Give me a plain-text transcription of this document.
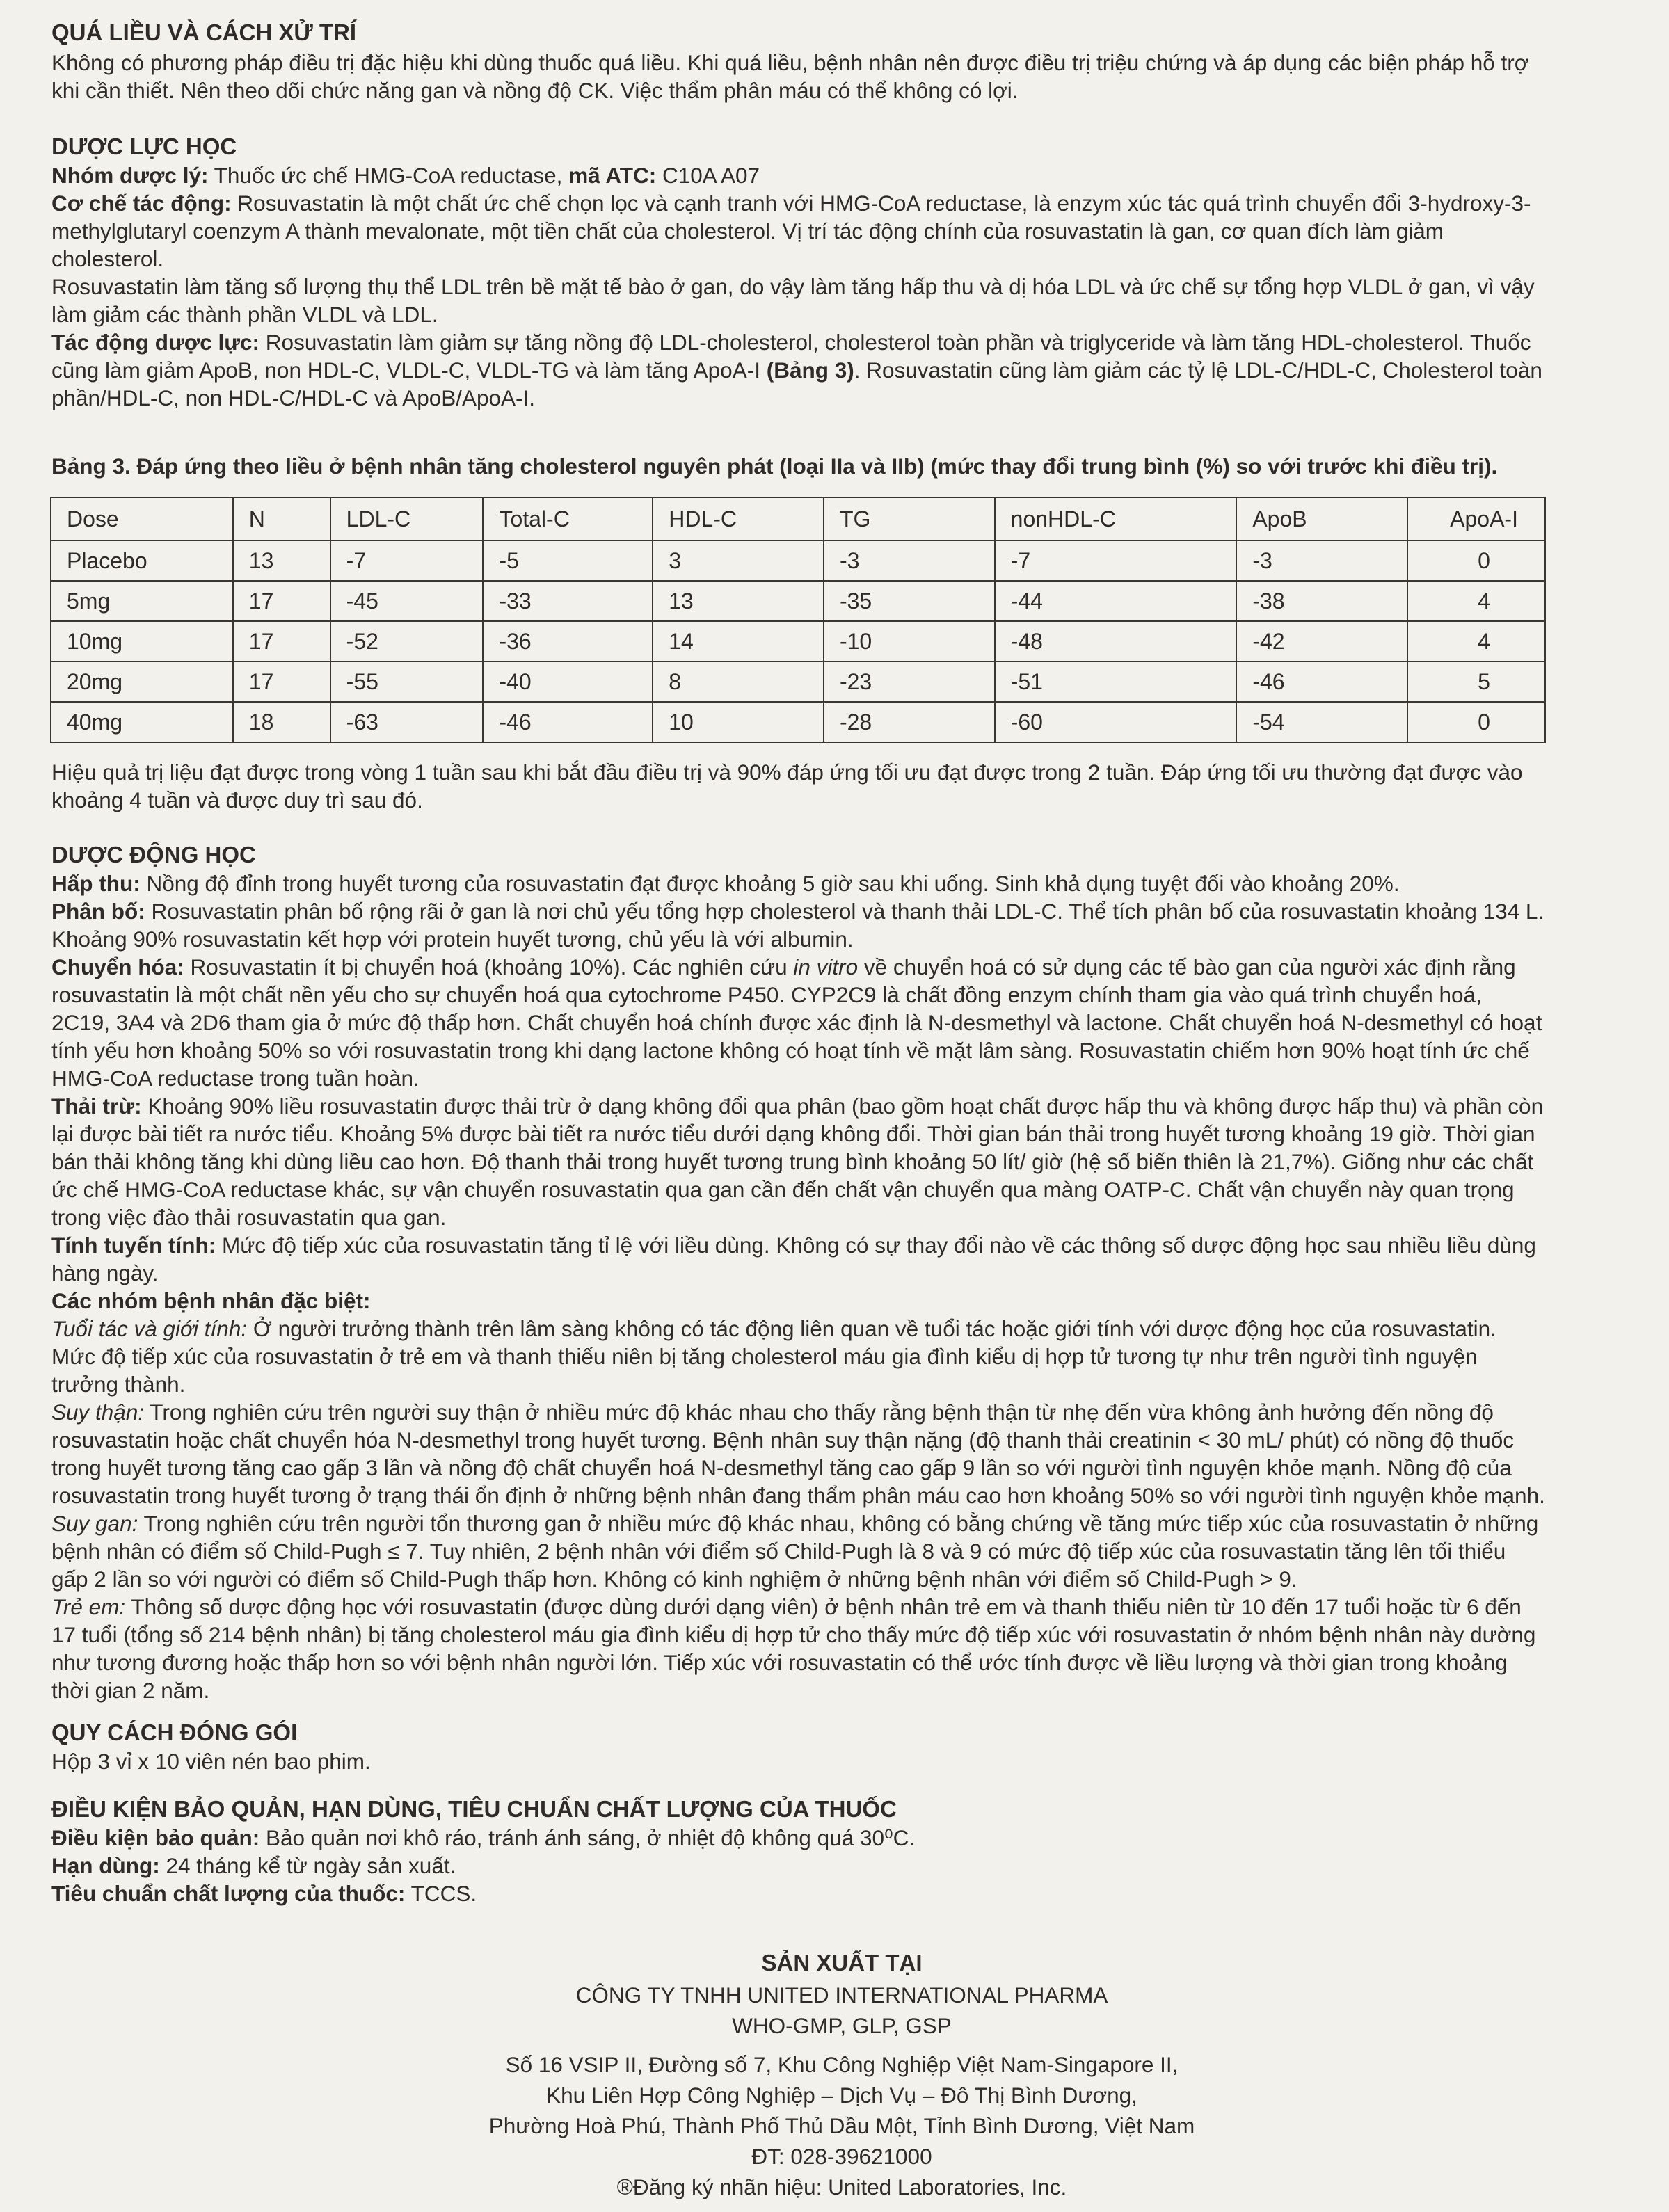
QUÁ LIỀU VÀ CÁCH XỬ TRÍ

Không có phương pháp điều trị đặc hiệu khi dùng thuốc quá liều. Khi quá liều, bệnh nhân nên được điều trị triệu chứng và áp dụng các biện pháp hỗ trợ khi cần thiết. Nên theo dõi chức năng gan và nồng độ CK. Việc thẩm phân máu có thể không có lợi.

DƯỢC LỰC HỌC

Nhóm dược lý: Thuốc ức chế HMG-CoA reductase, mã ATC: C10A A07

Cơ chế tác động: Rosuvastatin là một chất ức chế chọn lọc và cạnh tranh với HMG-CoA reductase, là enzym xúc tác quá trình chuyển đổi 3-hydroxy-3-methylglutaryl coenzym A thành mevalonate, một tiền chất của cholesterol. Vị trí tác động chính của rosuvastatin là gan, cơ quan đích làm giảm cholesterol.

Rosuvastatin làm tăng số lượng thụ thể LDL trên bề mặt tế bào ở gan, do vậy làm tăng hấp thu và dị hóa LDL và ức chế sự tổng hợp VLDL ở gan, vì vậy làm giảm các thành phần VLDL và LDL.

Tác động dược lực: Rosuvastatin làm giảm sự tăng nồng độ LDL-cholesterol, cholesterol toàn phần và triglyceride và làm tăng HDL-cholesterol. Thuốc cũng làm giảm ApoB, non HDL-C, VLDL-C, VLDL-TG và làm tăng ApoA-I (Bảng 3). Rosuvastatin cũng làm giảm các tỷ lệ LDL-C/HDL-C, Cholesterol toàn phần/HDL-C, non HDL-C/HDL-C và ApoB/ApoA-I.

Bảng 3. Đáp ứng theo liều ở bệnh nhân tăng cholesterol nguyên phát (loại IIa và IIb) (mức thay đổi trung bình (%) so với trước khi điều trị).

Dose	N	LDL-C	Total-C	HDL-C	TG	nonHDL-C	ApoB	ApoA-I
Placebo	13	-7	-5	3	-3	-7	-3	0
5mg	17	-45	-33	13	-35	-44	-38	4
10mg	17	-52	-36	14	-10	-48	-42	4
20mg	17	-55	-40	8	-23	-51	-46	5
40mg	18	-63	-46	10	-28	-60	-54	0

Hiệu quả trị liệu đạt được trong vòng 1 tuần sau khi bắt đầu điều trị và 90% đáp ứng tối ưu đạt được trong 2 tuần. Đáp ứng tối ưu thường đạt được vào khoảng 4 tuần và được duy trì sau đó.

DƯỢC ĐỘNG HỌC

Hấp thu: Nồng độ đỉnh trong huyết tương của rosuvastatin đạt được khoảng 5 giờ sau khi uống. Sinh khả dụng tuyệt đối vào khoảng 20%.

Phân bố: Rosuvastatin phân bố rộng rãi ở gan là nơi chủ yếu tổng hợp cholesterol và thanh thải LDL-C. Thể tích phân bố của rosuvastatin khoảng 134 L. Khoảng 90% rosuvastatin kết hợp với protein huyết tương, chủ yếu là với albumin.

Chuyển hóa: Rosuvastatin ít bị chuyển hoá (khoảng 10%). Các nghiên cứu in vitro về chuyển hoá có sử dụng các tế bào gan của người xác định rằng rosuvastatin là một chất nền yếu cho sự chuyển hoá qua cytochrome P450. CYP2C9 là chất đồng enzym chính tham gia vào quá trình chuyển hoá, 2C19, 3A4 và 2D6 tham gia ở mức độ thấp hơn. Chất chuyển hoá chính được xác định là N-desmethyl và lactone. Chất chuyển hoá N-desmethyl có hoạt tính yếu hơn khoảng 50% so với rosuvastatin trong khi dạng lactone không có hoạt tính về mặt lâm sàng. Rosuvastatin chiếm hơn 90% hoạt tính ức chế HMG-CoA reductase trong tuần hoàn.

Thải trừ: Khoảng 90% liều rosuvastatin được thải trừ ở dạng không đổi qua phân (bao gồm hoạt chất được hấp thu và không được hấp thu) và phần còn lại được bài tiết ra nước tiểu. Khoảng 5% được bài tiết ra nước tiểu dưới dạng không đổi. Thời gian bán thải trong huyết tương khoảng 19 giờ. Thời gian bán thải không tăng khi dùng liều cao hơn. Độ thanh thải trong huyết tương trung bình khoảng 50 lít/ giờ (hệ số biến thiên là 21,7%). Giống như các chất ức chế HMG-CoA reductase khác, sự vận chuyển rosuvastatin qua gan cần đến chất vận chuyển qua màng OATP-C. Chất vận chuyển này quan trọng trong việc đào thải rosuvastatin qua gan.

Tính tuyến tính: Mức độ tiếp xúc của rosuvastatin tăng tỉ lệ với liều dùng. Không có sự thay đổi nào về các thông số dược động học sau nhiều liều dùng hàng ngày.

Các nhóm bệnh nhân đặc biệt:

Tuổi tác và giới tính: Ở người trưởng thành trên lâm sàng không có tác động liên quan về tuổi tác hoặc giới tính với dược động học của rosuvastatin. Mức độ tiếp xúc của rosuvastatin ở trẻ em và thanh thiếu niên bị tăng cholesterol máu gia đình kiểu dị hợp tử tương tự như trên người tình nguyện trưởng thành.

Suy thận: Trong nghiên cứu trên người suy thận ở nhiều mức độ khác nhau cho thấy rằng bệnh thận từ nhẹ đến vừa không ảnh hưởng đến nồng độ rosuvastatin hoặc chất chuyển hóa N-desmethyl trong huyết tương. Bệnh nhân suy thận nặng (độ thanh thải creatinin < 30 mL/ phút) có nồng độ thuốc trong huyết tương tăng cao gấp 3 lần và nồng độ chất chuyển hoá N-desmethyl tăng cao gấp 9 lần so với người tình nguyện khỏe mạnh. Nồng độ của rosuvastatin trong huyết tương ở trạng thái ổn định ở những bệnh nhân đang thẩm phân máu cao hơn khoảng 50% so với người tình nguyện khỏe mạnh.

Suy gan: Trong nghiên cứu trên người tổn thương gan ở nhiều mức độ khác nhau, không có bằng chứng về tăng mức tiếp xúc của rosuvastatin ở những bệnh nhân có điểm số Child-Pugh ≤ 7. Tuy nhiên, 2 bệnh nhân với điểm số Child-Pugh là 8 và 9 có mức độ tiếp xúc của rosuvastatin tăng lên tối thiểu gấp 2 lần so với người có điểm số Child-Pugh thấp hơn. Không có kinh nghiệm ở những bệnh nhân với điểm số Child-Pugh > 9.

Trẻ em: Thông số dược động học với rosuvastatin (được dùng dưới dạng viên) ở bệnh nhân trẻ em và thanh thiếu niên từ 10 đến 17 tuổi hoặc từ 6 đến 17 tuổi (tổng số 214 bệnh nhân) bị tăng cholesterol máu gia đình kiểu dị hợp tử cho thấy mức độ tiếp xúc với rosuvastatin ở nhóm bệnh nhân này dường như tương đương hoặc thấp hơn so với bệnh nhân người lớn. Tiếp xúc với rosuvastatin có thể ước tính được về liều lượng và thời gian trong khoảng thời gian 2 năm.

QUY CÁCH ĐÓNG GÓI

Hộp 3 vỉ x 10 viên nén bao phim.

ĐIỀU KIỆN BẢO QUẢN, HẠN DÙNG, TIÊU CHUẨN CHẤT LƯỢNG CỦA THUỐC

Điều kiện bảo quản: Bảo quản nơi khô ráo, tránh ánh sáng, ở nhiệt độ không quá 30⁰C.

Hạn dùng: 24 tháng kể từ ngày sản xuất.

Tiêu chuẩn chất lượng của thuốc: TCCS.

SẢN XUẤT TẠI

CÔNG TY TNHH UNITED INTERNATIONAL PHARMA

WHO-GMP, GLP, GSP

Số 16 VSIP II, Đường số 7, Khu Công Nghiệp Việt Nam-Singapore II,

Khu Liên Hợp Công Nghiệp – Dịch Vụ – Đô Thị Bình Dương,

Phường Hoà Phú, Thành Phố Thủ Dầu Một, Tỉnh Bình Dương, Việt Nam

ĐT: 028-39621000

®Đăng ký nhãn hiệu: United Laboratories, Inc.
